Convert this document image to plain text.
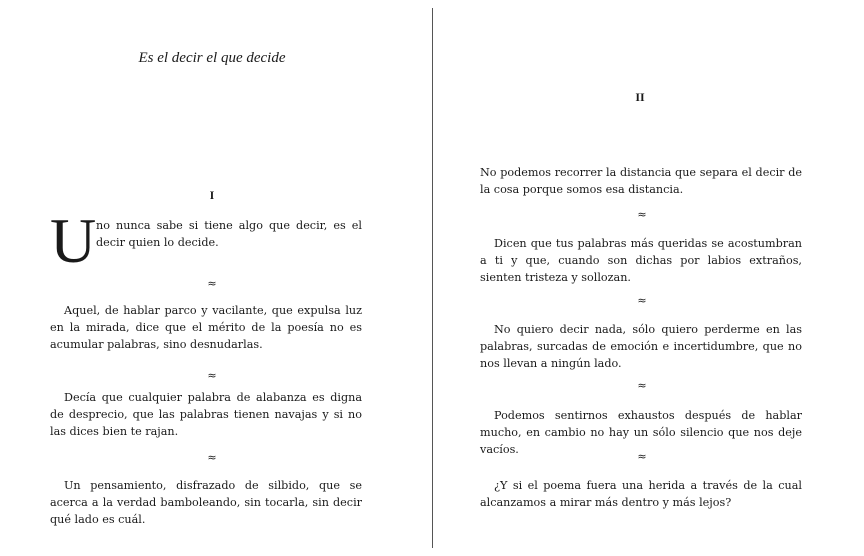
Es el decir el que decide
I
U no nunca sabe si tiene algo que decir, es el decir quien lo decide.

≈

Aquel, de hablar parco y vacilante, que expulsa luz en la mirada, dice que el mérito de la poesía no es acumular palabras, sino desnudarlas.

≈

Decía que cualquier palabra de alabanza es digna de desprecio, que las palabras tienen navajas y si no las dices bien te rajan.

≈

Un pensamiento, disfrazado de silbido, que se acerca a la verdad bamboleando, sin tocarla, sin decir qué lado es cuál.

II

No podemos recorrer la distancia que separa el decir de la cosa porque somos esa distancia.

≈

Dicen que tus palabras más queridas se acostumbran a ti y que, cuando son dichas por labios extraños, sienten tristeza y sollozan.

≈

No quiero decir nada, sólo quiero perderme en las palabras, surcadas de emoción e incertidumbre, que no nos llevan a ningún lado.

≈

Podemos sentirnos exhaustos después de hablar mucho, en cambio no hay un sólo silencio que nos deje vacíos.

≈

¿Y si el poema fuera una herida a través de la cual alcanzamos a mirar más dentro y más lejos?
